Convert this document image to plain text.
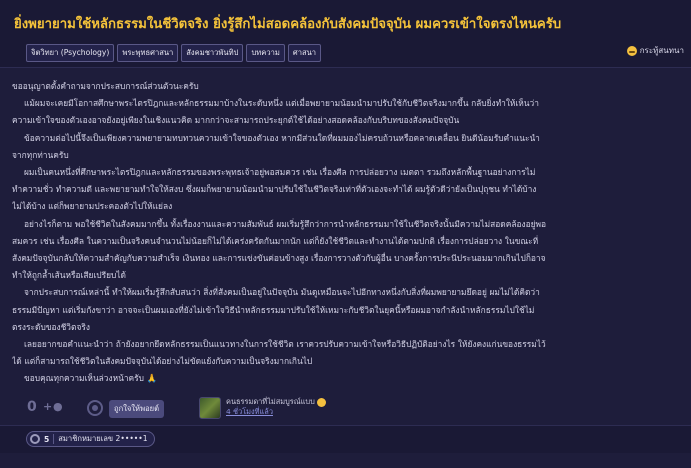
ยิ่งพยายามใช้หลักธรรมในชีวิตจริง ยิ่งรู้สึกไม่สอดคล้องกับสังคมปัจจุบัน ผมควรเข้าใจตรงไหนครับ
จิตวิทยา (Psychology)	พระพุทธศาสนา	สังคมชาวพันทิป	บทความ	ศาสนา	กระทู้สนทนา

ขออนุญาตตั้งคำถามจากประสบการณ์ส่วนตัวนะครับ

แม้ผมจะเคยมีโอกาสศึกษาพระไตรปิฎกและหลักธรรมมาบ้างในระดับหนึ่ง แต่เมื่อพยายามน้อมนำมาปรับใช้กับชีวิตจริงมากขึ้น กลับยิ่งทำให้เห็นว่า

ความเข้าใจของตัวเองอาจยังอยู่เพียงในเชิงแนวคิด มากกว่าจะสามารถประยุกต์ใช้ได้อย่างสอดคล้องกับบริบทของสังคมปัจจุบัน

ข้อความต่อไปนี้จึงเป็นเพียงความพยายามทบทวนความเข้าใจของตัวเอง หากมีส่วนใดที่ผมมองไม่ครบถ้วนหรือคลาดเคลื่อน ยินดีน้อมรับคำแนะนำ

จากทุกท่านครับ

ผมเป็นคนหนึ่งที่ศึกษาพระไตรปิฎกและหลักธรรมของพระพุทธเจ้าอยู่พอสมควร เช่น เรื่องศีล การปล่อยวาง เมตตา รวมถึงหลักพื้นฐานอย่างการไม่

ทำความชั่ว ทำความดี และพยายามทำใจให้สงบ ซึ่งผมก็พยายามน้อมนำมาปรับใช้ในชีวิตจริงเท่าที่ตัวเองจะทำได้ ผมรู้ตัวดีว่ายังเป็นปุถุชน ทำได้บ้าง

ไม่ได้บ้าง แต่ก็พยายามประคองตัวไปให้แย่ลง

อย่างไรก็ตาม พอใช้ชีวิตในสังคมมากขึ้น ทั้งเรื่องงานและความสัมพันธ์ ผมเริ่มรู้สึกว่าการนำหลักธรรมมาใช้ในชีวิตจริงนั้นมีความไม่สอดคล้องอยู่พอ

สมควร เช่น เรื่องศีล ในความเป็นจริงคนจำนวนไม่น้อยก็ไม่ได้เคร่งครัดกันมากนัก แต่ก็ยังใช้ชีวิตและทำงานได้ตามปกติ เรื่องการปล่อยวาง ในขณะที่

สังคมปัจจุบันกลับให้ความสำคัญกับความสำเร็จ เงินทอง และการแข่งขันค่อนข้างสูง เรื่องการวางตัวกับผู้อื่น บางครั้งการประนีประนอมมากเกินไปก็อาจ

ทำให้ถูกล้ำเส้นหรือเสียเปรียบได้

จากประสบการณ์เหล่านี้ ทำให้ผมเริ่มรู้สึกสับสนว่า สิ่งที่สังคมเป็นอยู่ในปัจจุบัน มันดูเหมือนจะไปอีกทางหนึ่งกับสิ่งที่ผมพยายามยึดอยู่ ผมไม่ได้คิดว่า

ธรรมมีปัญหา แต่เริ่มกังขาว่า อาจจะเป็นผมเองที่ยังไม่เข้าใจวิธีนำหลักธรรมมาปรับใช้ให้เหมาะกับชีวิตในยุคนี้หรือผมอาจกำลังนำหลักธรรมไปใช้ไม่

ตรงระดับของชีวิตจริง

เลยอยากขอคำแนะนำว่า ถ้ายังอยากยึดหลักธรรมเป็นแนวทางในการใช้ชีวิต เราควรปรับความเข้าใจหรือวิธีปฏิบัติอย่างไร ให้ยังคงแก่นของธรรมไว้

ได้ แต่ก็สามารถใช้ชีวิตในสังคมปัจจุบันได้อย่างไม่ขัดแย้งกับความเป็นจริงมากเกินไป

ขอบคุณทุกความเห็นล่วงหน้าครับ 🙏

0 + ●	ถูกใจให้พอยต์
คนธรรมดาที่ไม่สมบูรณ์แบบ
4 ชั่วโมงที่แล้ว
5 สมาชิกหมายเลข 2•••••1
